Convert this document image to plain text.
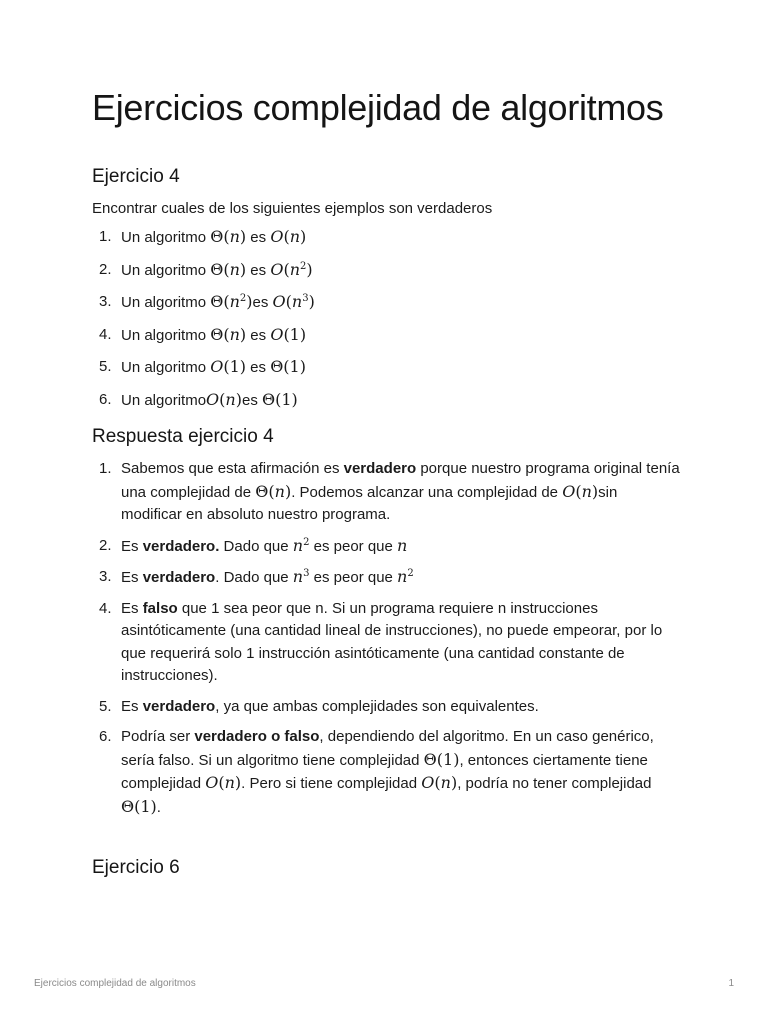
Ejercicios complejidad de algoritmos
Ejercicio 4

Encontrar cuales de los siguientes ejemplos son verdaderos

1. Un algoritmo Θ(n) es O(n)
2. Un algoritmo Θ(n) es $O(n^2)$
3. Un algoritmo $\Theta(n^2)es$ $O(n^3)$
4. Un algoritmo Θ(n) es O(1)
5. Un algoritmo O(1) es Θ(1)
6. Un algoritmoO(n)es Θ(1)
Respuesta ejercicio 4
1. Sabemos que esta afirmación es verdadero porque nuestro programa original tenía una complejidad de Θ(n). Podemos alcanzar una complejidad de O(n)sin modificar en absoluto nuestro programa.
2. Es verdadero. Dado que $n^2$ es peor que n
3. Es verdadero. Dado que $n^3$ es peor que $n^2$
4. Es falso que 1 sea peor que n. Si un programa requiere n instrucciones asintóticamente (una cantidad lineal de instrucciones), no puede empeorar, por lo que requerirá solo 1 instrucción asintóticamente (una cantidad constante de instrucciones).
5. Es verdadero, ya que ambas complejidades son equivalentes.
6. Podría ser verdadero o falso, dependiendo del algoritmo. En un caso genérico, sería falso. Si un algoritmo tiene complejidad Θ(1), entonces ciertamente tiene complejidad O(n). Pero si tiene complejidad O(n), podría no tener complejidad Θ(1).
Ejercicio 6
Ejercicios complejidad de algoritmos	1
